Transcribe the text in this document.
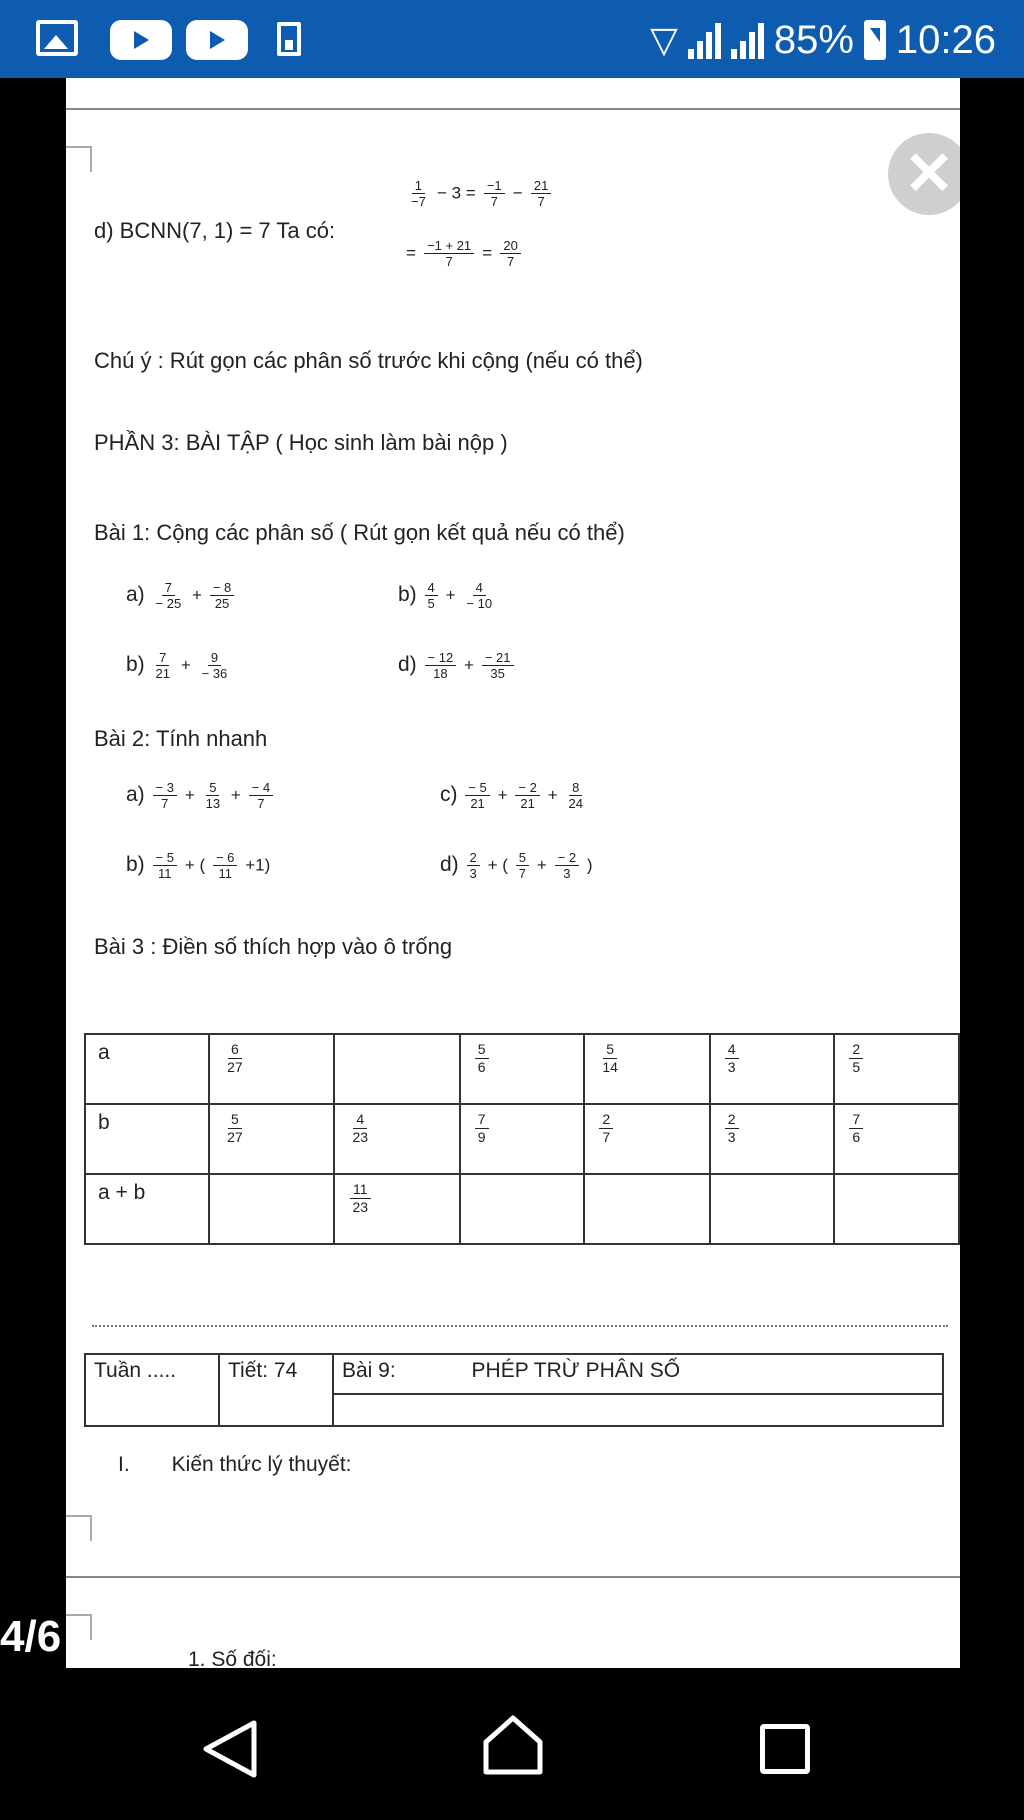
▽ 85% 10:26
✕
d) BCNN(7, 1) = 7 Ta có:
$\frac{1}{-7} - 3 = \frac{-1}{7} - \frac{21}{7}$
= $\frac{-1 + 21}{7} = \frac{20}{7}$
Chú ý : Rút gọn các phân số trước khi cộng (nếu có thể)
PHẦN 3: BÀI TẬP ( Học sinh làm bài nộp )
Bài 1: Cộng các phân số ( Rút gọn kết quả nếu có thể)
$a) \frac{7}{- 25} + \frac{- 8}{25}$	$b) \frac{4}{5} + \frac{4}{- 10}$
$b) \frac{7}{21} + \frac{9}{- 36}$	$d) \frac{- 12}{18} + \frac{- 21}{35}$
Bài 2: Tính nhanh
$a) \frac{- 3}{7} + \frac{5}{13} + \frac{- 4}{7}$	$c) \frac{- 5}{21} + \frac{- 2}{21} + \frac{8}{24}$
$b) \frac{- 5}{11}$ + ( $\frac{- 6}{11} +1$)	$d) \frac{2}{3}$ + ( $\frac{5}{7} + \frac{- 2}{3}$ )
Bài 3 : Điền số thích hợp vào ô trống
a	$\frac{6}{27}$		$\frac{5}{6}$	$\frac{5}{14}$	$\frac{4}{3}$	$\frac{2}{5}$

b	$\frac{5}{27}$	$\frac{4}{23}$	$\frac{7}{9}$	$\frac{2}{7}$	$\frac{2}{3}$	$\frac{7}{6}$

a + b		$\frac{11}{23}$

Tuần .....	Tiết: 74	Bài 9:	PHÉP TRỪ PHÂN SỐ

I. Kiến thức lý thuyết:
1. Số đối:
4/6
